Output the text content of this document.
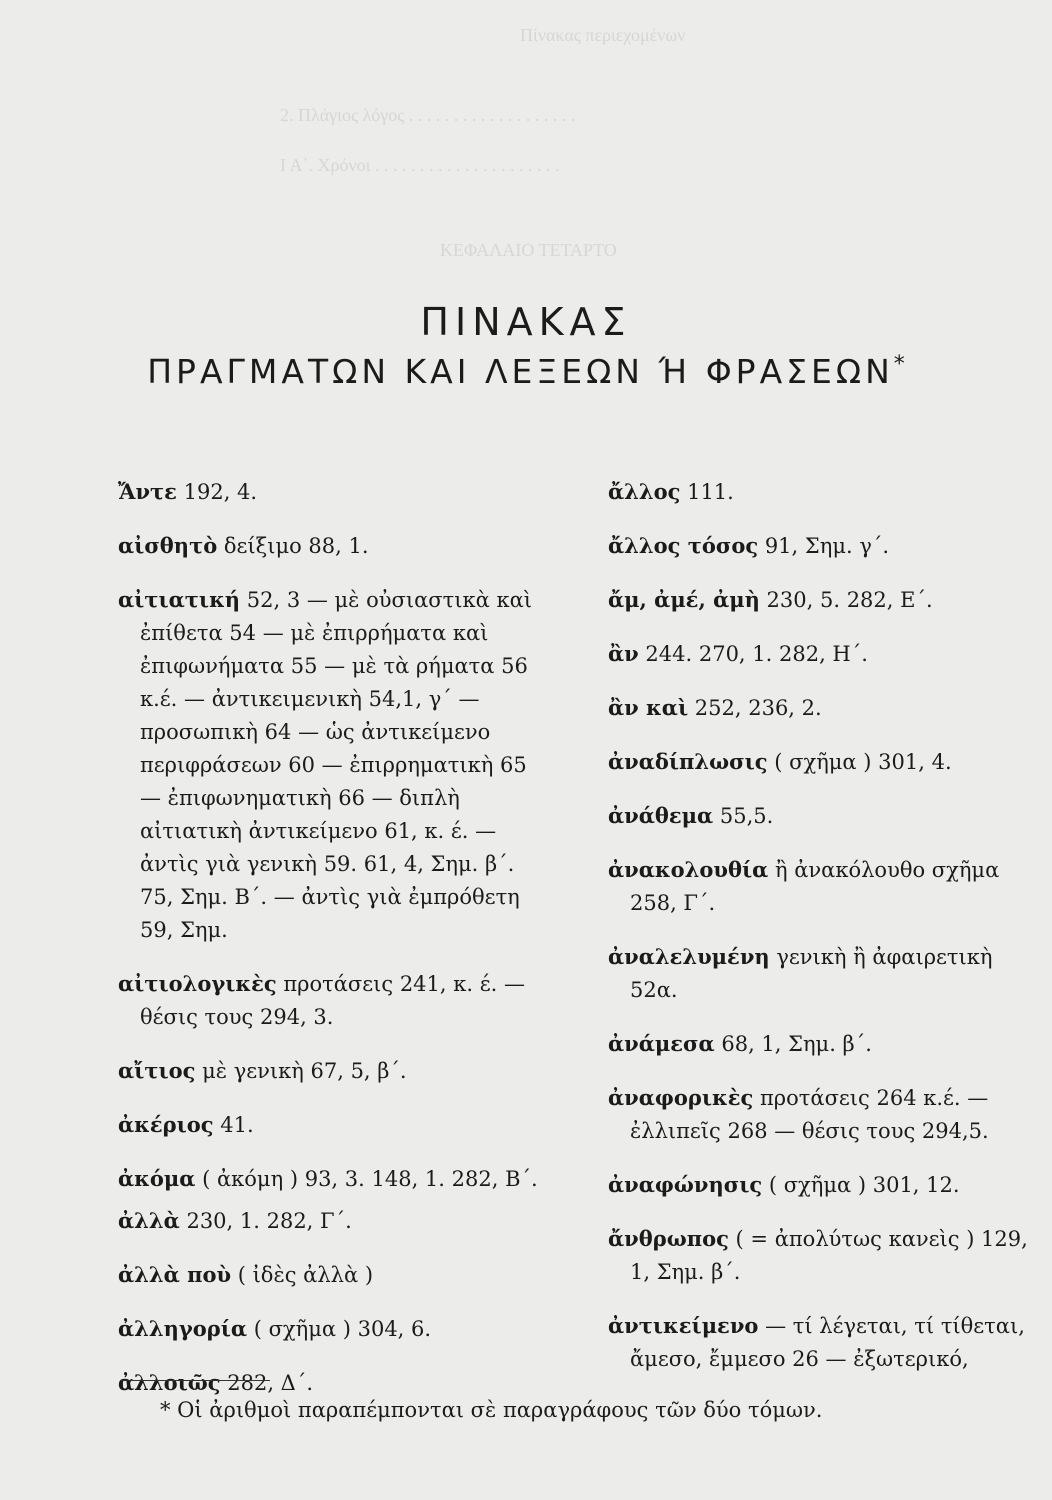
Πίνακας περιεχομένων
2. Πλάγιος λόγος . . . . . . . . . . . . . . . . . . .
Ι Α΄. Χρόνοι . . . . . . . . . . . . . . . . . . . . .
ΚΕΦΑΛΑΙΟ ΤΕΤΑΡΤΟ
ΠΙΝΑΚΑΣ
ΠΡΑΓΜΑΤΩΝ ΚΑΙ ΛΕΞΕΩΝ Ή ΦΡΑΣΕΩΝ*
Ἄντε 192, 4.
αἰσθητὸ δείξιμο 88, 1.
αἰτιατική 52, 3 — μὲ οὐσιαστικὰ καὶ ἐπίθετα 54 — μὲ ἐπιρρήματα καὶ ἐπιφωνήματα 55 — μὲ τὰ ρήματα 56 κ.έ. — ἀντικειμενικὴ 54,1, γ΄ — προσωπικὴ 64 — ὡς ἀντικείμενο περιφράσεων 60 — ἐπιρρηματικὴ 65 — ἐπιφωνηματικὴ 66 — διπλὴ αἰτιατικὴ ἀντικείμενο 61, κ. έ. — ἀντὶς γιὰ γενικὴ 59. 61, 4, Σημ. β΄. 75, Σημ. Β΄. — ἀντὶς γιὰ ἐμπρόθετη 59, Σημ.
αἰτιολογικὲς προτάσεις 241, κ. έ. — θέσις τους 294, 3.
αἴτιος μὲ γενικὴ 67, 5, β΄.
ἀκέριος 41.
ἀκόμα ( ἀκόμη ) 93, 3. 148, 1. 282, Β΄.
ἀλλὰ 230, 1. 282, Γ΄.
ἀλλὰ ποὺ ( ἰδὲς ἀλλὰ )
ἀλληγορία ( σχῆμα ) 304, 6.
ἀλλοιῶς 282, Δ΄.
ἄλλος 111.
ἄλλος τόσος 91, Σημ. γ΄.
ἄμ, ἀμέ, ἀμὴ 230, 5. 282, Ε΄.
ἂν 244. 270, 1. 282, Η΄.
ἂν καὶ 252, 236, 2.
ἀναδίπλωσις ( σχῆμα ) 301, 4.
ἀνάθεμα 55,5.
ἀνακολουθία ἢ ἀνακόλουθο σχῆμα 258, Γ΄.
ἀναλελυμένη γενικὴ ἢ ἀφαιρετικὴ 52α.
ἀνάμεσα 68, 1, Σημ. β΄.
ἀναφορικὲς προτάσεις 264 κ.έ. — ἐλλιπεῖς 268 — θέσις τους 294,5.
ἀναφώνησις ( σχῆμα ) 301, 12.
ἄνθρωπος ( = ἀπολύτως κανεὶς ) 129, 1, Σημ. β΄.
ἀντικείμενο — τί λέγεται, τί τίθεται, ἄμεσο, ἔμμεσο 26 — ἐξωτερικό,
* Οἱ ἀριθμοὶ παραπέμπονται σὲ παραγράφους τῶν δύο τόμων.
